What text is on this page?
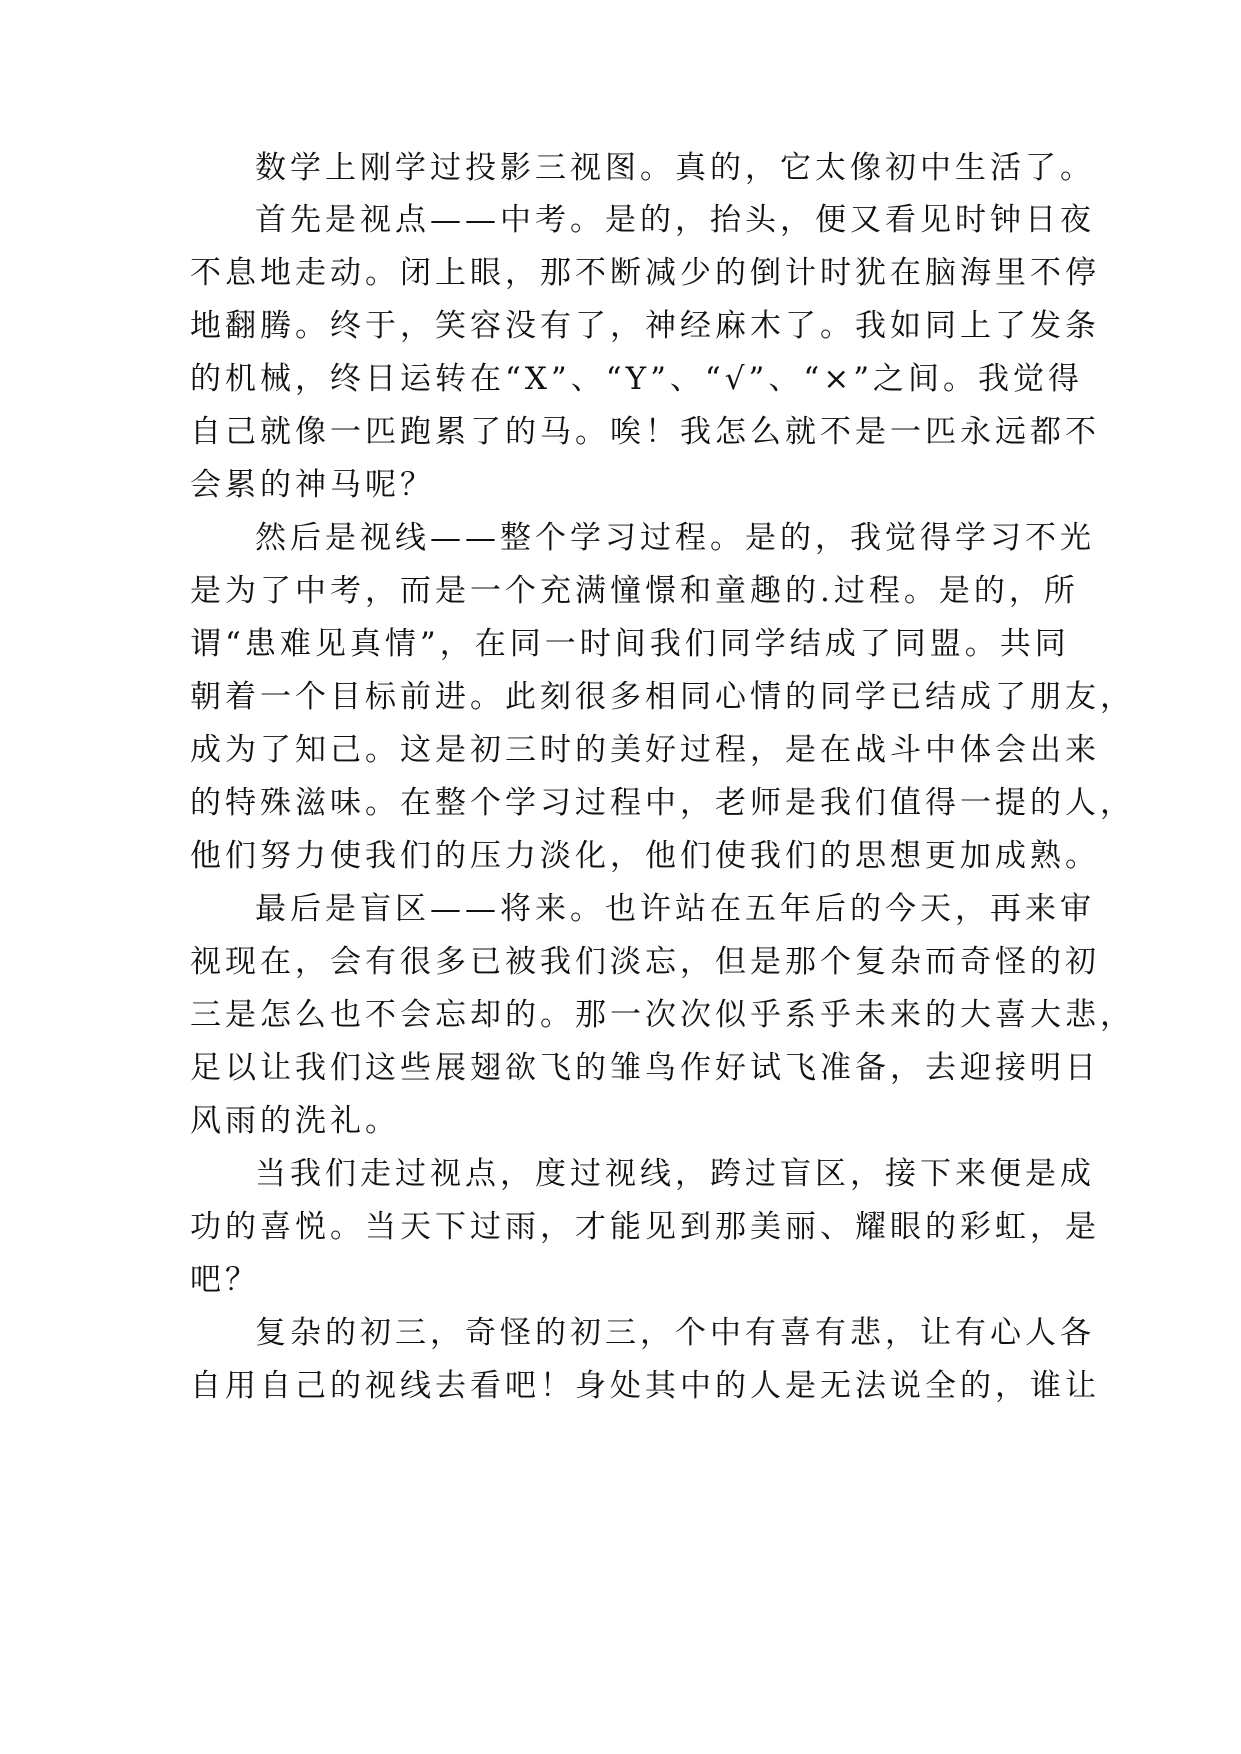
数学上刚学过投影三视图。真的，它太像初中生活了。

首先是视点——中考。是的，抬头，便又看见时钟日夜

不息地走动。闭上眼，那不断减少的倒计时犹在脑海里不停

地翻腾。终于，笑容没有了，神经麻木了。我如同上了发条

的机械，终日运转在“X”、“Y”、“√”、“×”之间。我觉得

自己就像一匹跑累了的马。唉！我怎么就不是一匹永远都不

会累的神马呢？

然后是视线——整个学习过程。是的，我觉得学习不光

是为了中考，而是一个充满憧憬和童趣的.过程。是的，所

谓“患难见真情”，在同一时间我们同学结成了同盟。共同

朝着一个目标前进。此刻很多相同心情的同学已结成了朋友，

成为了知己。这是初三时的美好过程，是在战斗中体会出来

的特殊滋味。在整个学习过程中，老师是我们值得一提的人，

他们努力使我们的压力淡化，他们使我们的思想更加成熟。

最后是盲区——将来。也许站在五年后的今天，再来审

视现在，会有很多已被我们淡忘，但是那个复杂而奇怪的初

三是怎么也不会忘却的。那一次次似乎系乎未来的大喜大悲，

足以让我们这些展翅欲飞的雏鸟作好试飞准备，去迎接明日

风雨的洗礼。

当我们走过视点，度过视线，跨过盲区，接下来便是成

功的喜悦。当天下过雨，才能见到那美丽、耀眼的彩虹，是

吧？

复杂的初三，奇怪的初三，个中有喜有悲，让有心人各

自用自己的视线去看吧！身处其中的人是无法说全的，谁让
